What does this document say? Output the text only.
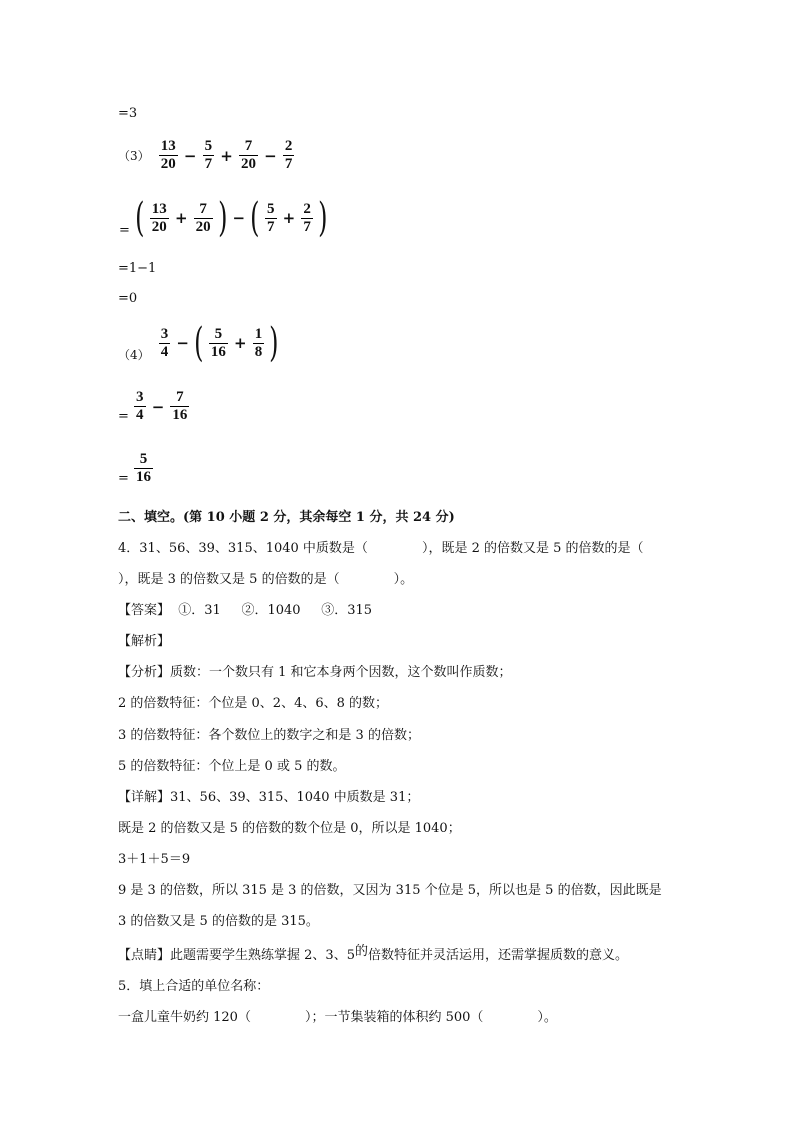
=3
$(3) \frac{13}{20} - \frac{5}{7} + \frac{7}{20} - \frac{2}{7}$
= ( $\frac{13}{20} + \frac{7}{20}$ ) − ( $\frac{5}{7} + \frac{2}{7}$ )
=1−1
=0
$(4) \frac{3}{4}$ − ( $\frac{5}{16} + \frac{1}{8}$ )
= $\frac{3}{4} - \frac{7}{16}$
= $\frac{5}{16}$
二、填空。(第 10 小题 2 分，其余每空 1 分，共 24 分)
4．31、56、39、315、1040 中质数是（	），既是 2 的倍数又是 5 的倍数的是（
），既是 3 的倍数又是 5 的倍数的是（	）。
【答案】  ①．31     ②．1040     ③．315
【解析】
【分析】质数：一个数只有 1 和它本身两个因数，这个数叫作质数；
2 的倍数特征：个位是 0、2、4、6、8 的数；
3 的倍数特征：各个数位上的数字之和是 3 的倍数；
5 的倍数特征：个位上是 0 或 5 的数。
【详解】31、56、39、315、1040 中质数是 31；
既是 2 的倍数又是 5 的倍数的数个位是 0，所以是 1040；
3＋1＋5＝9
9 是 3 的倍数，所以 315 是 3 的倍数，又因为 315 个位是 5，所以也是 5 的倍数，因此既是
3 的倍数又是 5 的倍数的是 315。
【点睛】此题需要学生熟练掌握 2、3、5的倍数特征并灵活运用，还需掌握质数的意义。
5．填上合适的单位名称：
一盒儿童牛奶约 120（	）；一节集装箱的体积约 500（	）。
